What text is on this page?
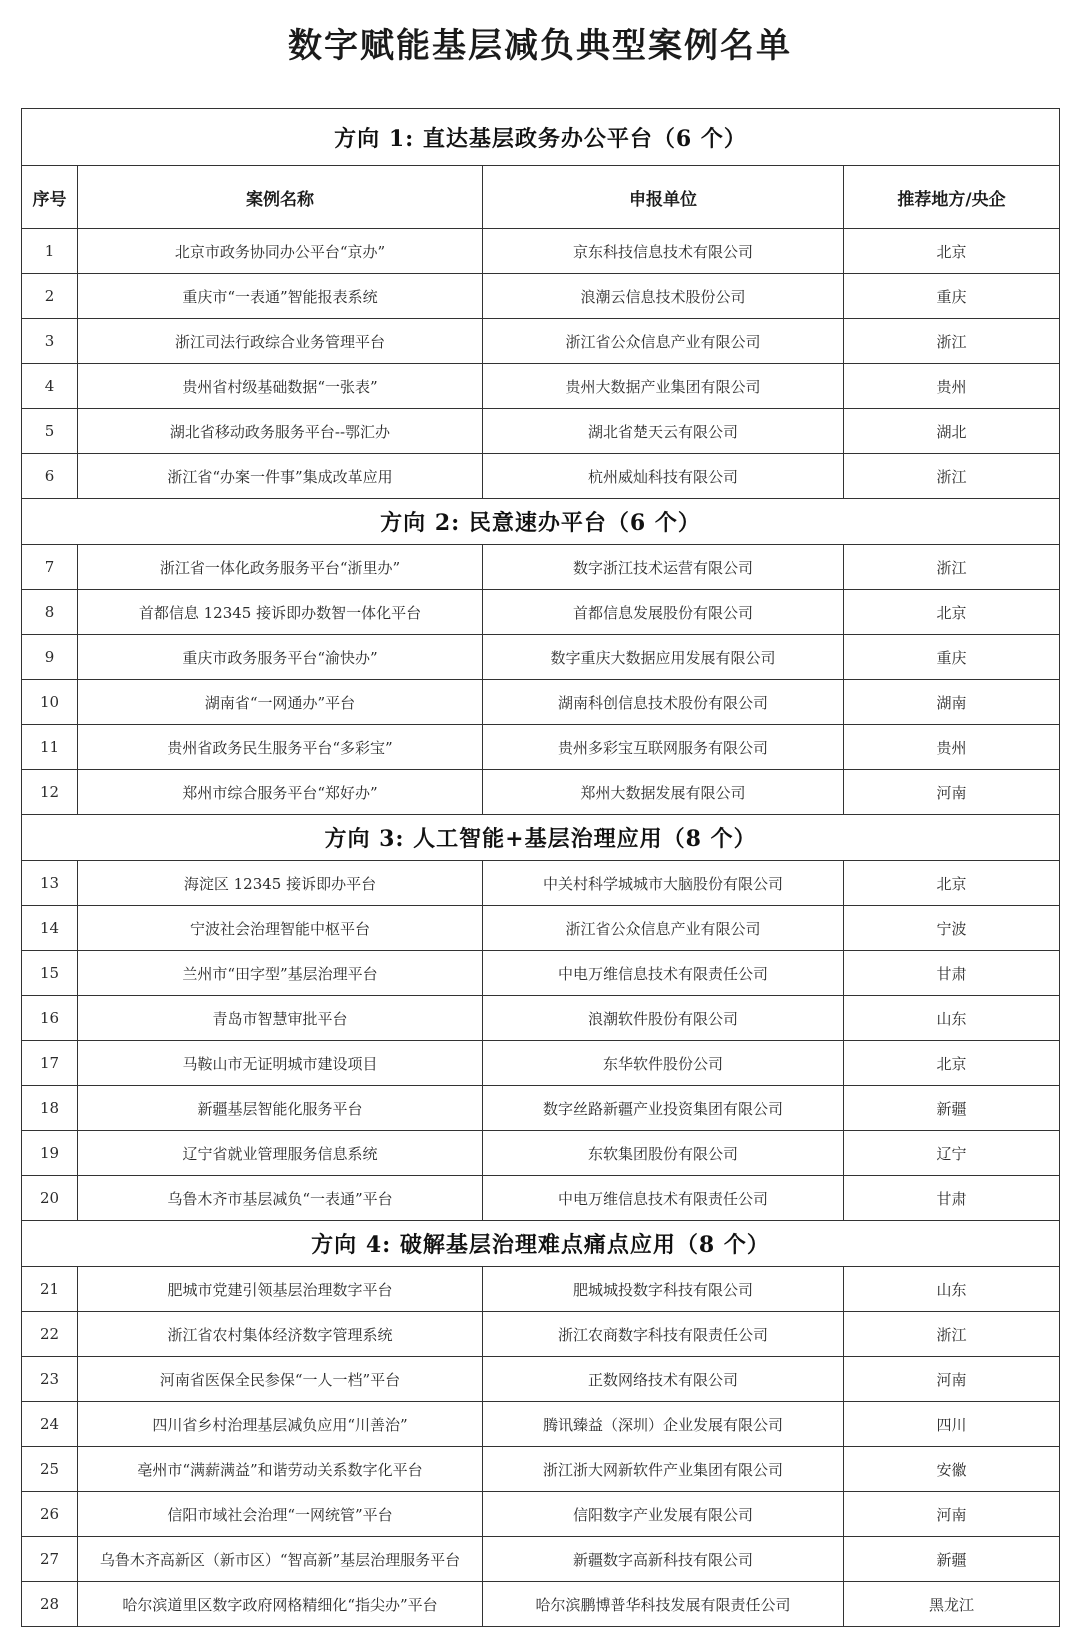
数字赋能基层减负典型案例名单
方向 1: 直达基层政务办公平台（6 个）			
序号	案例名称	申报单位	推荐地方/央企
1	北京市政务协同办公平台“京办”	京东科技信息技术有限公司	北京
2	重庆市“一表通”智能报表系统	浪潮云信息技术股份公司	重庆
3	浙江司法行政综合业务管理平台	浙江省公众信息产业有限公司	浙江
4	贵州省村级基础数据“一张表”	贵州大数据产业集团有限公司	贵州
5	湖北省移动政务服务平台--鄂汇办	湖北省楚天云有限公司	湖北
6	浙江省“办案一件事”集成改革应用	杭州威灿科技有限公司	浙江
方向 2: 民意速办平台（6 个）			
7	浙江省一体化政务服务平台“浙里办”	数字浙江技术运营有限公司	浙江
8	首都信息 12345 接诉即办数智一体化平台	首都信息发展股份有限公司	北京
9	重庆市政务服务平台“渝快办”	数字重庆大数据应用发展有限公司	重庆
10	湖南省“一网通办”平台	湖南科创信息技术股份有限公司	湖南
11	贵州省政务民生服务平台“多彩宝”	贵州多彩宝互联网服务有限公司	贵州
12	郑州市综合服务平台“郑好办”	郑州大数据发展有限公司	河南
方向 3: 人工智能+基层治理应用（8 个）			
13	海淀区 12345 接诉即办平台	中关村科学城城市大脑股份有限公司	北京
14	宁波社会治理智能中枢平台	浙江省公众信息产业有限公司	宁波
15	兰州市“田字型”基层治理平台	中电万维信息技术有限责任公司	甘肃
16	青岛市智慧审批平台	浪潮软件股份有限公司	山东
17	马鞍山市无证明城市建设项目	东华软件股份公司	北京
18	新疆基层智能化服务平台	数字丝路新疆产业投资集团有限公司	新疆
19	辽宁省就业管理服务信息系统	东软集团股份有限公司	辽宁
20	乌鲁木齐市基层减负“一表通”平台	中电万维信息技术有限责任公司	甘肃
方向 4: 破解基层治理难点痛点应用（8 个）			
21	肥城市党建引领基层治理数字平台	肥城城投数字科技有限公司	山东
22	浙江省农村集体经济数字管理系统	浙江农商数字科技有限责任公司	浙江
23	河南省医保全民参保“一人一档”平台	正数网络技术有限公司	河南
24	四川省乡村治理基层减负应用“川善治”	腾讯臻益（深圳）企业发展有限公司	四川
25	亳州市“满薪满益”和谐劳动关系数字化平台	浙江浙大网新软件产业集团有限公司	安徽
26	信阳市域社会治理“一网统管”平台	信阳数字产业发展有限公司	河南
27	乌鲁木齐高新区（新市区）“智高新”基层治理服务平台	新疆数字高新科技有限公司	新疆
28	哈尔滨道里区数字政府网格精细化“指尖办”平台	哈尔滨鹏博普华科技发展有限责任公司	黑龙江
